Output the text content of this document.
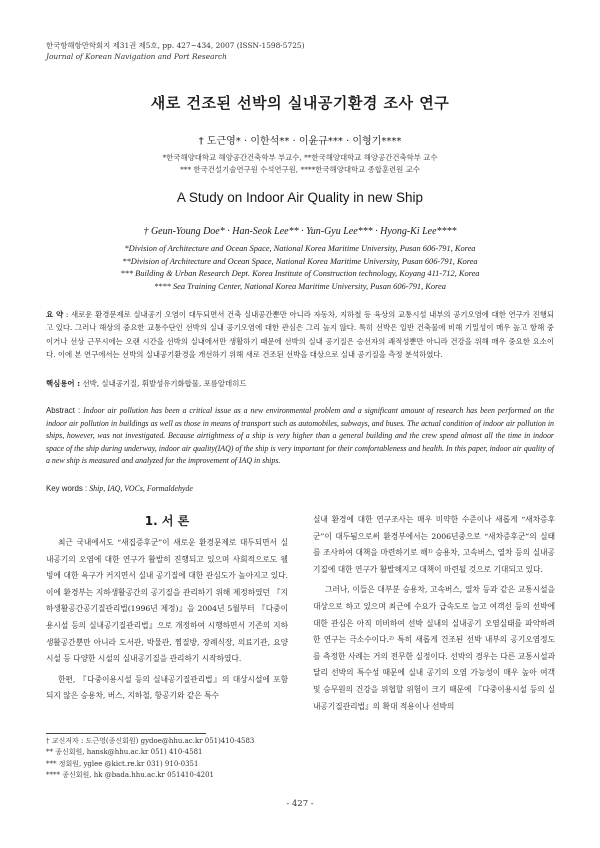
한국항해항만학회지 제31권 제5호, pp. 427~434, 2007 (ISSN-1598-5725)
Journal of Korean Navigation and Port Research
새로 건조된 선박의 실내공기환경 조사 연구
† 도근영* · 이한석** · 이윤규*** · 이형기****
*한국해양대학교 해양공간건축학부 부교수, **한국해양대학교 해양공간건축학부 교수
*** 한국건설기술연구원 수석연구원, ****한국해양대학교 종합훈련원 교수
A Study on Indoor Air Quality in new Ship
† Geun-Young Doe* · Han-Seok Lee** · Yun-Gyu Lee*** · Hyong-Ki Lee****
*Division of Architecture and Ocean Space, National Korea Maritime University, Pusan 606-791, Korea
**Division of Architecture and Ocean Space, National Korea Maritime University, Pusan 606-791, Korea
*** Building & Urban Research Dept. Korea Institute of Construction technology, Koyang 411-712, Korea
**** Sea Training Center, National Korea Maritime University, Pusan 606-791, Korea
요 약 : 새로운 환경문제로 실내공기 오염이 대두되면서 건축 실내공간뿐만 아니라 자동차, 지하철 등 육상의 교통시설 내부의 공기오염에 대한 연구가 진행되고 있다. 그러나 해상의 중요한 교통수단인 선박의 실내 공기오염에 대한 관심은 그리 높지 않다. 특히 선박은 일반 건축물에 비해 기밀성이 매우 높고 항해 중이거나 선상 근무시에는 오랜 시간을 선박의 실내에서만 생활하기 때문에 선박의 실내 공기질은 승선자의 쾌적성뿐만 아니라 건강을 위해 매우 중요한 요소이다. 이에 본 연구에서는 선박의 실내공기환경을 개선하기 위해 새로 건조된 선박을 대상으로 실내 공기질을 측정 분석하였다.
핵심용어 : 선박, 실내공기질, 휘발성유기화합물, 포름알데히드
Abstract : Indoor air pollution has been a critical issue as a new environmental problem and a significant amount of research has been performed on the indoor air pollution in buildings as well as those in means of transport such as automobiles, subways, and buses. The actual condition of indoor air pollution in ships, however, was not investigated. Because airtightness of a ship is very higher than a general building and the crew spend almost all the time in indoor space of the ship during underway, indoor air quality(IAQ) of the ship is very important for their comfortableness and health. In this paper, indoor air quality of a new ship is measured and analyzed for the improvement of IAQ in ships.
Key words : Ship, IAQ, VOCs, Formaldehyde
1. 서 론

최근 국내에서도 “새집증후군”이 새로운 환경문제로 대두되면서 실내공기의 오염에 대한 연구가 활발히 진행되고 있으며 사회적으로도 웰빙에 대한 욕구가 커지면서 실내 공기질에 대한 관심도가 높아지고 있다. 이에 환경부는 지하생활공간의 공기질을 관리하기 위해 제정하였던 『지하생활공간공기질관리법(1996년 제정)』을 2004년 5월부터 『다중이용시설 등의 실내공기질관리법』으로 개정하여 시행하면서 기존의 지하생활공간뿐만 아니라 도서관, 박물관, 찜질방, 장례식장, 의료기관, 요양시설 등 다양한 시설의 실내공기질을 관리하기 시작하였다.

한편, 『다중이용시설 등의 실내공기질관리법』의 대상시설에 포함되지 않은 승용차, 버스, 지하철, 항공기와 같은 특수

실내 환경에 대한 연구조사는 매우 미약한 수준이나 새롭게 “새차증후군”이 대두됨으로써 환경부에서는 2006년중으로 “새차증후군”의 실태를 조사하여 대책을 마련하기로 해¹⁾ 승용차, 고속버스, 열차 등의 실내공기질에 대한 연구가 활발해지고 대책이 마련될 것으로 기대되고 있다.

그러나, 이들은 대부분 승용차, 고속버스, 열차 등과 같은 교통시설을 대상으로 하고 있으며 최근에 수요가 급속도로 늘고 여객선 등의 선박에 대한 관심은 아직 미비하여 선박 실내의 실내공기 오염실태를 파악하려한 연구는 극소수이다.²⁾ 특히 새롭게 건조된 선박 내부의 공기오염정도를 측정한 사례는 거의 전무한 실정이다. 선박의 경우는 다른 교통시설과 달리 선박의 특수성 때문에 실내 공기의 오염 가능성이 매우 높아 여객 및 승무원의 건강을 위협할 위험이 크기 때문에 『다중이용시설 등의 실내공기질관리법』의 확대 적용이나 선박의

† 교신저자 : 도근영(종신회원) gydoe@hhu.ac.kr 051)410-4583
** 종신회원, hansk@hhu.ac.kr 051) 410-4581
*** 정회원, yglee @kict.re.kr 031) 910-0351
**** 종신회원, hk @bada.hhu.ac.kr 051410-4201
- 427 -
